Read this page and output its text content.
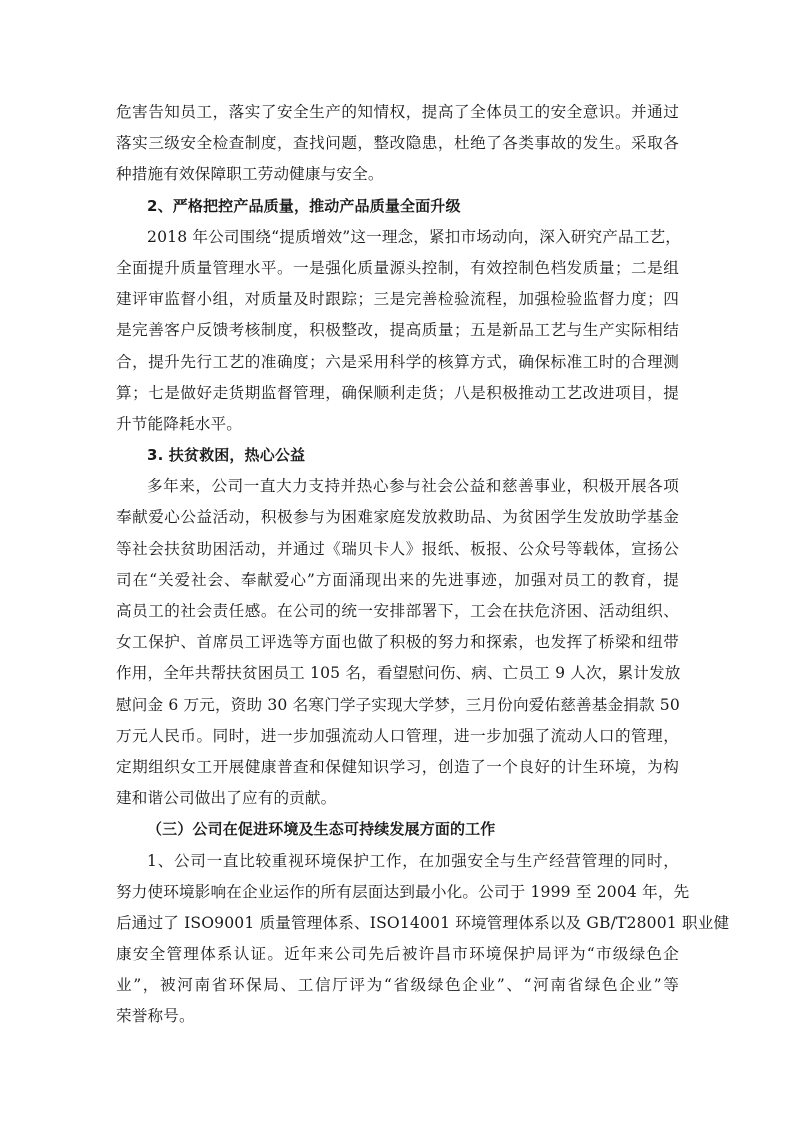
危害告知员工，落实了安全生产的知情权，提高了全体员工的安全意识。并通过
落实三级安全检查制度，查找问题，整改隐患，杜绝了各类事故的发生。采取各
种措施有效保障职工劳动健康与安全。
2、严格把控产品质量，推动产品质量全面升级
2018 年公司围绕“提质增效”这一理念，紧扣市场动向，深入研究产品工艺，
全面提升质量管理水平。一是强化质量源头控制，有效控制色档发质量；二是组
建评审监督小组，对质量及时跟踪；三是完善检验流程，加强检验监督力度；四
是完善客户反馈考核制度，积极整改，提高质量；五是新品工艺与生产实际相结
合，提升先行工艺的准确度；六是采用科学的核算方式，确保标准工时的合理测
算；七是做好走货期监督管理，确保顺利走货；八是积极推动工艺改进项目，提
升节能降耗水平。
3. 扶贫救困，热心公益
多年来，公司一直大力支持并热心参与社会公益和慈善事业，积极开展各项
奉献爱心公益活动，积极参与为困难家庭发放救助品、为贫困学生发放助学基金
等社会扶贫助困活动，并通过《瑞贝卡人》报纸、板报、公众号等载体，宣扬公
司在“关爱社会、奉献爱心”方面涌现出来的先进事迹，加强对员工的教育，提
高员工的社会责任感。在公司的统一安排部署下，工会在扶危济困、活动组织、
女工保护、首席员工评选等方面也做了积极的努力和探索，也发挥了桥梁和纽带
作用，全年共帮扶贫困员工 105 名，看望慰问伤、病、亡员工 9 人次，累计发放
慰问金 6 万元，资助 30 名寒门学子实现大学梦，三月份向爱佑慈善基金捐款 50
万元人民币。同时，进一步加强流动人口管理，进一步加强了流动人口的管理，
定期组织女工开展健康普查和保健知识学习，创造了一个良好的计生环境，为构
建和谐公司做出了应有的贡献。
（三）公司在促进环境及生态可持续发展方面的工作
1、公司一直比较重视环境保护工作，在加强安全与生产经营管理的同时，
努力使环境影响在企业运作的所有层面达到最小化。公司于 1999 至 2004 年，先
后通过了 ISO9001 质量管理体系、ISO14001 环境管理体系以及 GB/T28001 职业健
康安全管理体系认证。近年来公司先后被许昌市环境保护局评为“市级绿色企
业”，被河南省环保局、工信厅评为“省级绿色企业”、“河南省绿色企业”等
荣誉称号。
